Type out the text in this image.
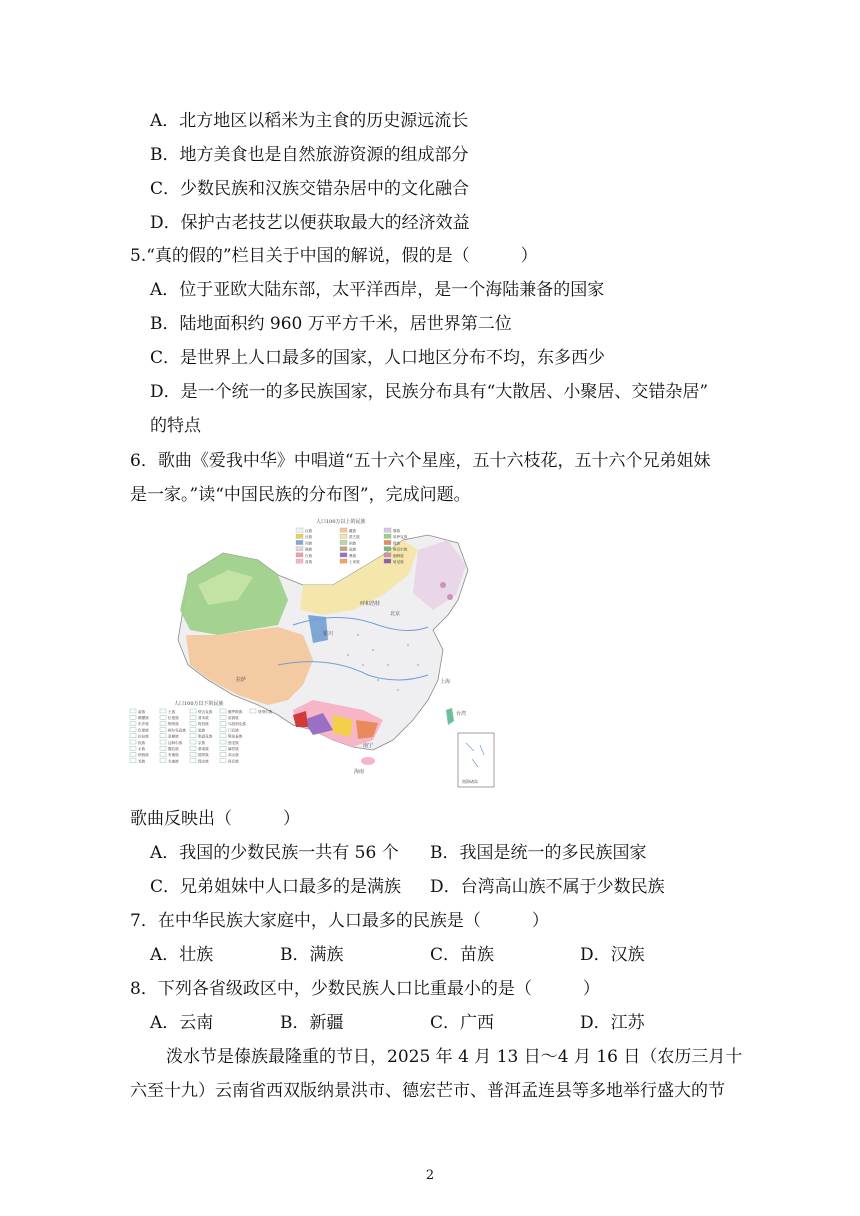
A．北方地区以稻米为主食的历史源远流长
B．地方美食也是自然旅游资源的组成部分
C．少数民族和汉族交错杂居中的文化融合
D．保护古老技艺以便获取最大的经济效益
5.“真的假的”栏目关于中国的解说，假的是（　　　）
A．位于亚欧大陆东部，太平洋西岸，是一个海陆兼备的国家
B．陆地面积约 960 万平方千米，居世界第二位
C．是世界上人口最多的国家，人口地区分布不均，东多西少
D．是一个统一的多民族国家，民族分布具有“大散居、小聚居、交错杂居”
的特点
6．歌曲《爱我中华》中唱道“五十六个星座，五十六枝花，五十六个兄弟姐妹
是一家。”读“中国民族的分布图”，完成问题。
人口100万以上的民族
汉族	藏族	黎族
壮族	蒙古族	哈萨克族
回族	侗族	傣族
满族	瑶族	维吾尔族
白族	彝族	朝鲜族
苗族	土家族	哈尼族
人口100万以下的民族
畲族
傈僳族
东乡族
仡佬族
拉祜族
佤族
水族
纳西族
羌族
土族
仫佬族
锡伯族
柯尔克孜族
景颇族
达斡尔族
撒拉族
布朗族
毛南族
塔吉克族
普米族
阿昌族
怒族
鄂温克族
京族
基诺族
德昂族
保安族
俄罗斯族
裕固族
乌孜别克族
门巴族
鄂伦春族
独龙族
赫哲族
高山族
珞巴族
塔塔尔族
呼和浩特
北京
银川
拉萨
南宁
上海
台湾
海南
南海诸岛
歌曲反映出（　　　）
A．我国的少数民族一共有 56 个 B．我国是统一的多民族国家
C．兄弟姐妹中人口最多的是满族 D．台湾高山族不属于少数民族
7．在中华民族大家庭中，人口最多的民族是（　　　）
A．壮族	B．满族	C．苗族	D．汉族
8．下列各省级政区中，少数民族人口比重最小的是（　　　）
A．云南	B．新疆	C．广西	D．江苏
泼水节是傣族最隆重的节日，2025 年 4 月 13 日～4 月 16 日（农历三月十
六至十九）云南省西双版纳景洪市、德宏芒市、普洱孟连县等多地举行盛大的节
2
